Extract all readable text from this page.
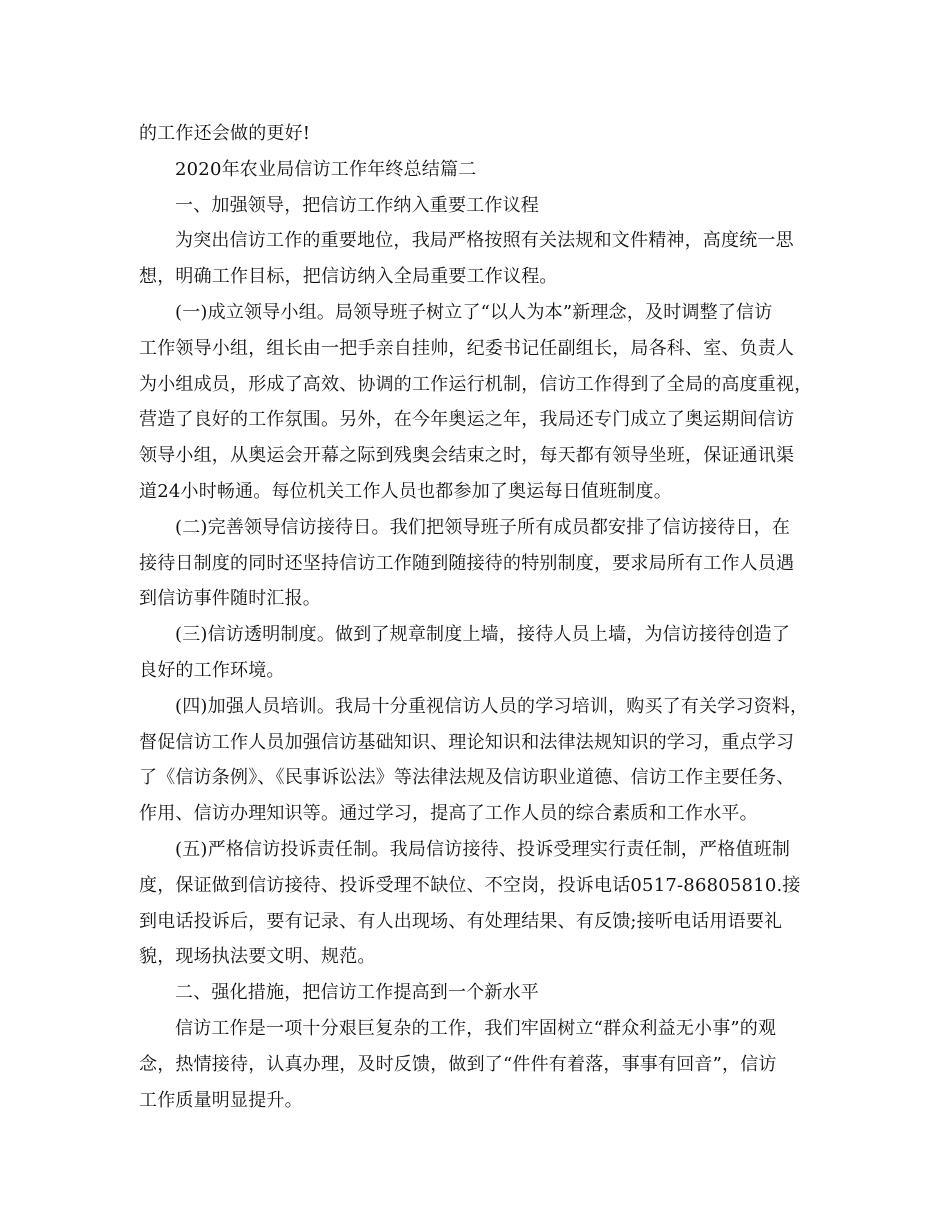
的工作还会做的更好!
2020年农业局信访工作年终总结篇二
一、加强领导，把信访工作纳入重要工作议程
为突出信访工作的重要地位，我局严格按照有关法规和文件精神，高度统一思
想，明确工作目标，把信访纳入全局重要工作议程。
(一)成立领导小组。局领导班子树立了“以人为本”新理念，及时调整了信访
工作领导小组，组长由一把手亲自挂帅，纪委书记任副组长，局各科、室、负责人
为小组成员，形成了高效、协调的工作运行机制，信访工作得到了全局的高度重视，
营造了良好的工作氛围。另外，在今年奥运之年，我局还专门成立了奥运期间信访
领导小组，从奥运会开幕之际到残奥会结束之时，每天都有领导坐班，保证通讯渠
道24小时畅通。每位机关工作人员也都参加了奥运每日值班制度。
(二)完善领导信访接待日。我们把领导班子所有成员都安排了信访接待日，在
接待日制度的同时还坚持信访工作随到随接待的特别制度，要求局所有工作人员遇
到信访事件随时汇报。
(三)信访透明制度。做到了规章制度上墙，接待人员上墙，为信访接待创造了
良好的工作环境。
(四)加强人员培训。我局十分重视信访人员的学习培训，购买了有关学习资料，
督促信访工作人员加强信访基础知识、理论知识和法律法规知识的学习，重点学习
了《信访条例》、《民事诉讼法》等法律法规及信访职业道德、信访工作主要任务、
作用、信访办理知识等。通过学习，提高了工作人员的综合素质和工作水平。
(五)严格信访投诉责任制。我局信访接待、投诉受理实行责任制，严格值班制
度，保证做到信访接待、投诉受理不缺位、不空岗，投诉电话0517-86805810.接
到电话投诉后，要有记录、有人出现场、有处理结果、有反馈;接听电话用语要礼
貌，现场执法要文明、规范。
二、强化措施，把信访工作提高到一个新水平
信访工作是一项十分艰巨复杂的工作，我们牢固树立“群众利益无小事”的观
念，热情接待，认真办理，及时反馈，做到了“件件有着落，事事有回音”，信访
工作质量明显提升。
